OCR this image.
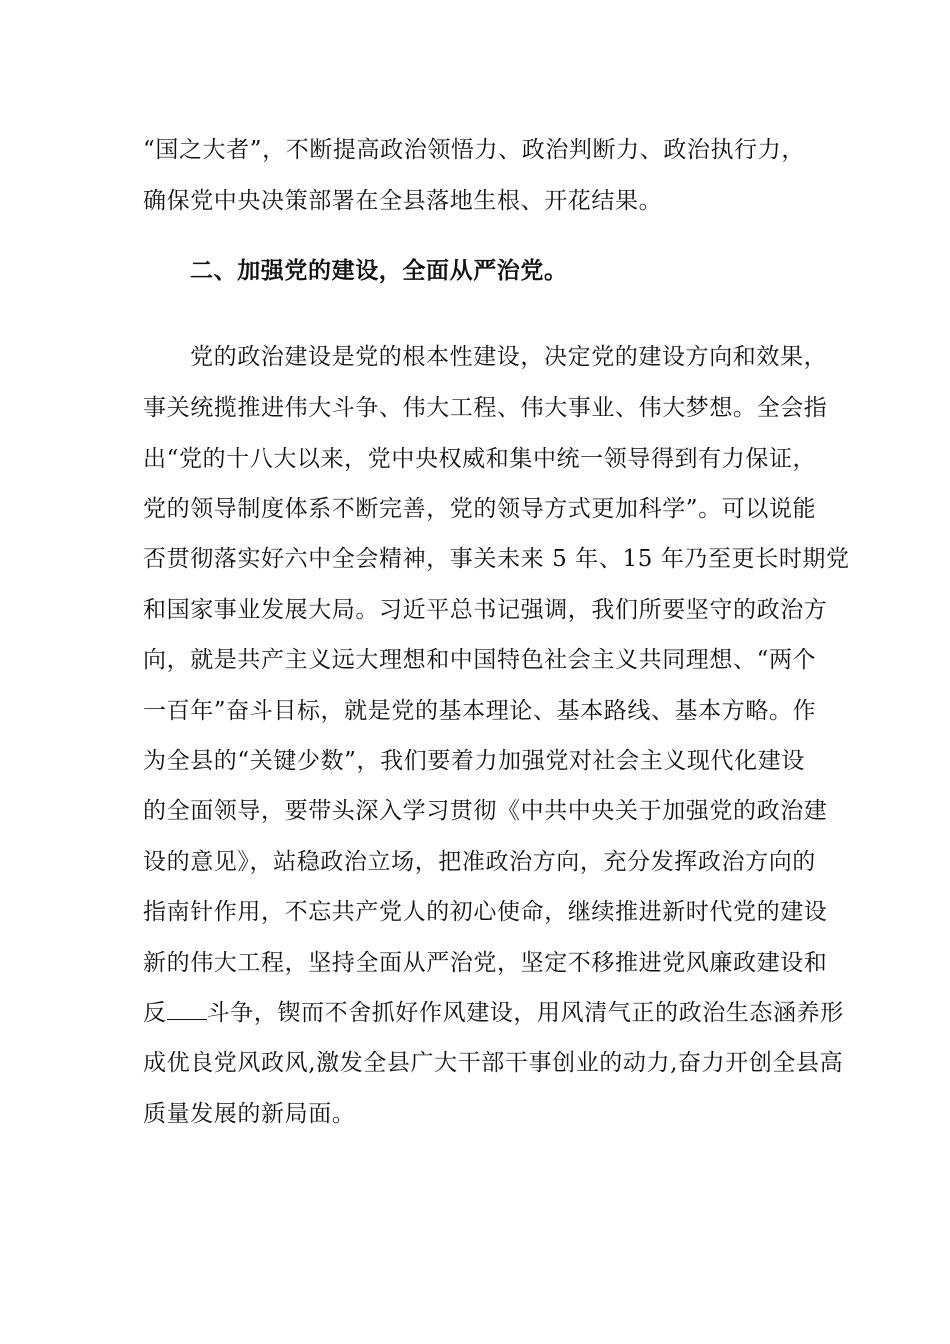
“国之大者”，不断提高政治领悟力、政治判断力、政治执行力，
确保党中央决策部署在全县落地生根、开花结果。
二、加强党的建设，全面从严治党。
党的政治建设是党的根本性建设，决定党的建设方向和效果，
事关统揽推进伟大斗争、伟大工程、伟大事业、伟大梦想。全会指
出“党的十八大以来，党中央权威和集中统一领导得到有力保证，
党的领导制度体系不断完善，党的领导方式更加科学”。可以说能
否贯彻落实好六中全会精神，事关未来 5 年、15 年乃至更长时期党
和国家事业发展大局。习近平总书记强调，我们所要坚守的政治方
向，就是共产主义远大理想和中国特色社会主义共同理想、“两个
一百年”奋斗目标，就是党的基本理论、基本路线、基本方略。作
为全县的“关键少数”，我们要着力加强党对社会主义现代化建设
的全面领导，要带头深入学习贯彻《中共中央关于加强党的政治建
设的意见》，站稳政治立场，把准政治方向，充分发挥政治方向的
指南针作用，不忘共产党人的初心使命，继续推进新时代党的建设
新的伟大工程，坚持全面从严治党，坚定不移推进党风廉政建设和
反 斗争，锲而不舍抓好作风建设，用风清气正的政治生态涵养形
成优良党风政风,激发全县广大干部干事创业的动力,奋力开创全县高
质量发展的新局面。
